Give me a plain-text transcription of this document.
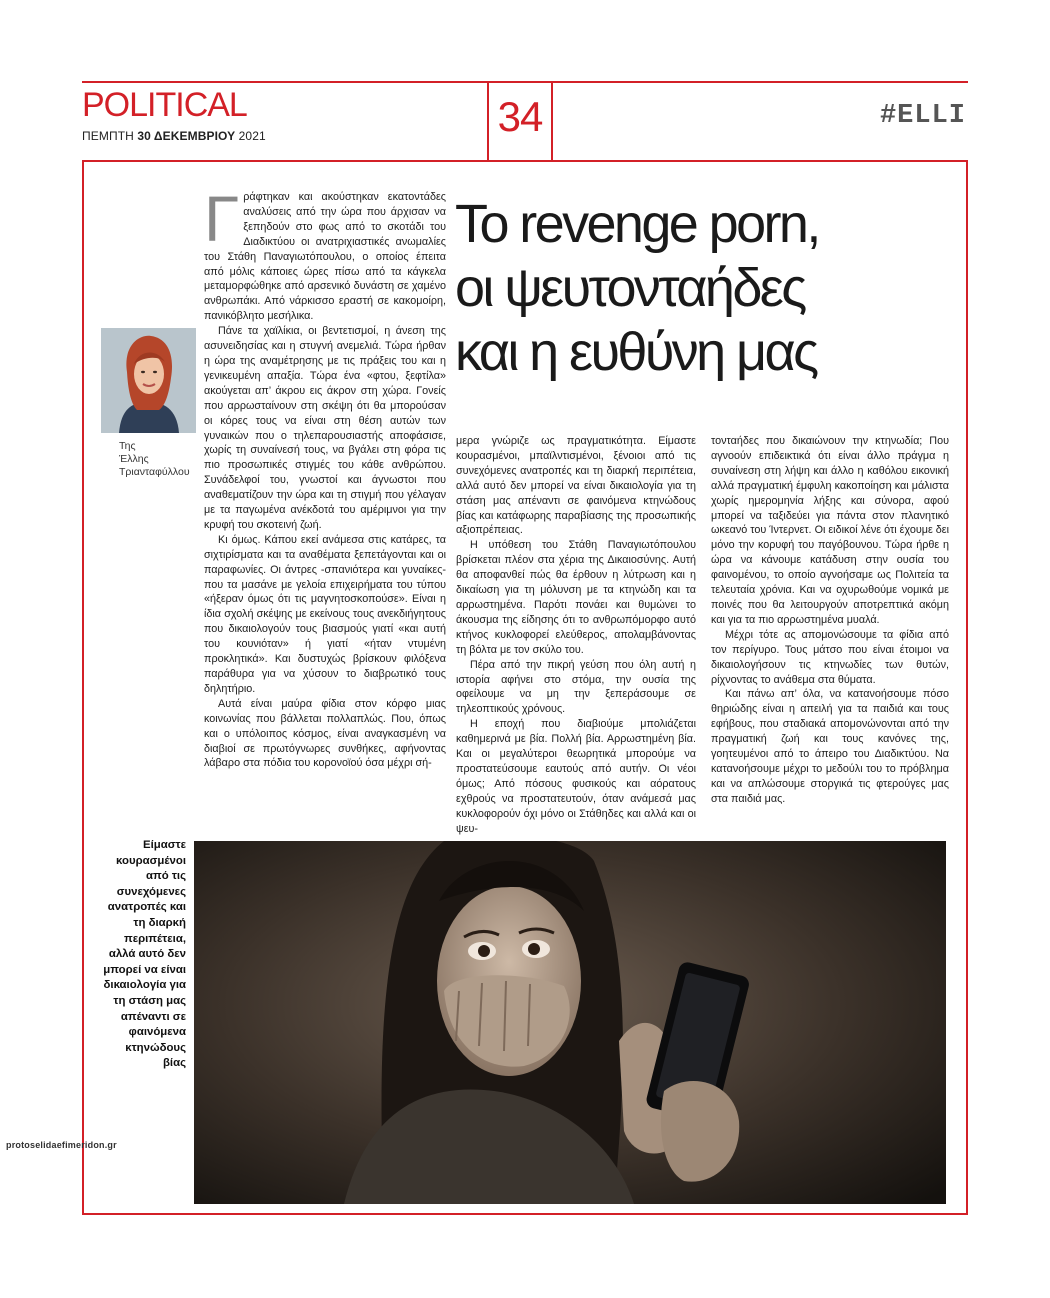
POLITICAL
ΠΕΜΠΤΗ 30 ΔΕΚΕΜΒΡΙΟΥ 2021	34	#ELLI
Το revenge porn,
οι ψευτονταήδες
και η ευθύνη μας
Της
Έλλης
Τριανταφύλλου
Γ ράφτηκαν και ακούστηκαν εκατοντάδες αναλύσεις από την ώρα που άρχισαν να ξεπηδούν στο φως από το σκοτάδι του Διαδικτύου οι ανατριχιαστικές ανωμαλίες του Στάθη Παναγιωτόπουλου, ο οποίος έπειτα από μόλις κάποιες ώρες πίσω από τα κάγκελα μεταμορφώθηκε από αρσενικό δυνάστη σε χαμένο ανθρωπάκι. Από νάρκισσο εραστή σε κακομοίρη, πανικόβλητο μεσήλικα.

Πάνε τα χαϊλίκια, οι βεντετισμοί, η άνεση της ασυνειδησίας και η στυγνή ανεμελιά. Τώρα ήρθαν η ώρα της αναμέτρησης με τις πράξεις του και η γενικευμένη απαξία. Τώρα ένα «φτου, ξεφτίλα» ακούγεται απ’ άκρου εις άκρον στη χώρα. Γονείς που αρρωσταίνουν στη σκέψη ότι θα μπορούσαν οι κόρες τους να είναι στη θέση αυτών των γυναικών που ο τηλεπαρουσιαστής αποφάσισε, χωρίς τη συναίνεσή τους, να βγάλει στη φόρα τις πιο προσωπικές στιγμές του κάθε ανθρώπου. Συνάδελφοί του, γνωστοί και άγνωστοι που αναθεματίζουν την ώρα και τη στιγμή που γέλαγαν με τα παγωμένα ανέκδοτά του αμέριμνοι για την κρυφή του σκοτεινή ζωή.

Κι όμως. Κάπου εκεί ανάμεσα στις κατάρες, τα σιχτιρίσματα και τα αναθέματα ξεπετάγονται και οι παραφωνίες. Οι άντρες -σπανιότερα και γυναίκες- που τα μασάνε με γελοία επιχειρήματα του τύπου «ήξεραν όμως ότι τις μαγνητοσκοπούσε». Είναι η ίδια σχολή σκέψης με εκείνους τους ανεκδιήγητους που δικαιολογούν τους βιασμούς γιατί «και αυτή του κουνιόταν» ή γιατί «ήταν ντυμένη προκλητικά». Και δυστυχώς βρίσκουν φιλόξενα παράθυρα για να χύσουν το διαβρωτικό τους δηλητήριο.

Αυτά είναι μαύρα φίδια στον κόρφο μιας κοινωνίας που βάλλεται πολλαπλώς. Που, όπως και ο υπόλοιπος κόσμος, είναι αναγκασμένη να διαβιοί σε πρωτόγνωρες συνθήκες, αφήνοντας λάβαρο στα πόδια του κορονοϊού όσα μέχρι σή-

μερα γνώριζε ως πραγματικότητα. Είμαστε κουρασμένοι, μπαϊλντισμένοι, ξένοιοι από τις συνεχόμενες ανατροπές και τη διαρκή περιπέτεια, αλλά αυτό δεν μπορεί να είναι δικαιολογία για τη στάση μας απέναντι σε φαινόμενα κτηνώδους βίας και κατάφωρης παραβίασης της προσωπικής αξιοπρέπειας.

Η υπόθεση του Στάθη Παναγιωτόπουλου βρίσκεται πλέον στα χέρια της Δικαιοσύνης. Αυτή θα αποφανθεί πώς θα έρθουν η λύτρωση και η δικαίωση για τη μόλυνση με τα κτηνώδη και τα αρρωστημένα. Παρότι πονάει και θυμώνει το άκουσμα της είδησης ότι το ανθρωπόμορφο αυτό κτήνος κυκλοφορεί ελεύθερος, απολαμβάνοντας τη βόλτα με τον σκύλο του.

Πέρα από την πικρή γεύση που όλη αυτή η ιστορία αφήνει στο στόμα, την ουσία της οφείλουμε να μη την ξεπεράσουμε σε τηλεοπτικούς χρόνους.

Η εποχή που διαβιούμε μπολιάζεται καθημερινά με βία. Πολλή βία. Αρρωστημένη βία. Και οι μεγαλύτεροι θεωρητικά μπορούμε να προστατεύσουμε εαυτούς από αυτήν. Οι νέοι όμως; Από πόσους φυσικούς και αόρατους εχθρούς να προστατευτούν, όταν ανάμεσά μας κυκλοφορούν όχι μόνο οι Στάθηδες και αλλά και οι ψευ-

τονταήδες που δικαιώνουν την κτηνωδία; Που αγνοούν επιδεικτικά ότι είναι άλλο πράγμα η συναίνεση στη λήψη και άλλο η καθόλου εικονική αλλά πραγματική έμφυλη κακοποίηση και μάλιστα χωρίς ημερομηνία λήξης και σύνορα, αφού μπορεί να ταξιδεύει για πάντα στον πλανητικό ωκεανό του Ίντερνετ. Οι ειδικοί λένε ότι έχουμε δει μόνο την κορυφή του παγόβουνου. Τώρα ήρθε η ώρα να κάνουμε κατάδυση στην ουσία του φαινομένου, το οποίο αγνοήσαμε ως Πολιτεία τα τελευταία χρόνια. Και να οχυρωθούμε νομικά με ποινές που θα λειτουργούν αποτρεπτικά ακόμη και για τα πιο αρρωστημένα μυαλά.

Μέχρι τότε ας απομονώσουμε τα φίδια από τον περίγυρο. Τους μάτσο που είναι έτοιμοι να δικαιολογήσουν τις κτηνωδίες των θυτών, ρίχνοντας το ανάθεμα στα θύματα.

Και πάνω απ’ όλα, να κατανοήσουμε πόσο θηριώδης είναι η απειλή για τα παιδιά και τους εφήβους, που σταδιακά απομονώνονται από την πραγματική ζωή και τους κανόνες της, γοητευμένοι από το άπειρο του Διαδικτύου. Να κατανοήσουμε μέχρι το μεδούλι του το πρόβλημα και να απλώσουμε στοργικά τις φτερούγες μας στα παιδιά μας.

Είμαστε κουρασμένοι από τις συνεχόμενες ανατροπές και τη διαρκή περιπέτεια, αλλά αυτό δεν μπορεί να είναι δικαιολογία για τη στάση μας απέναντι σε φαινόμενα κτηνώδους βίας
protoselidaefimeridon.gr
